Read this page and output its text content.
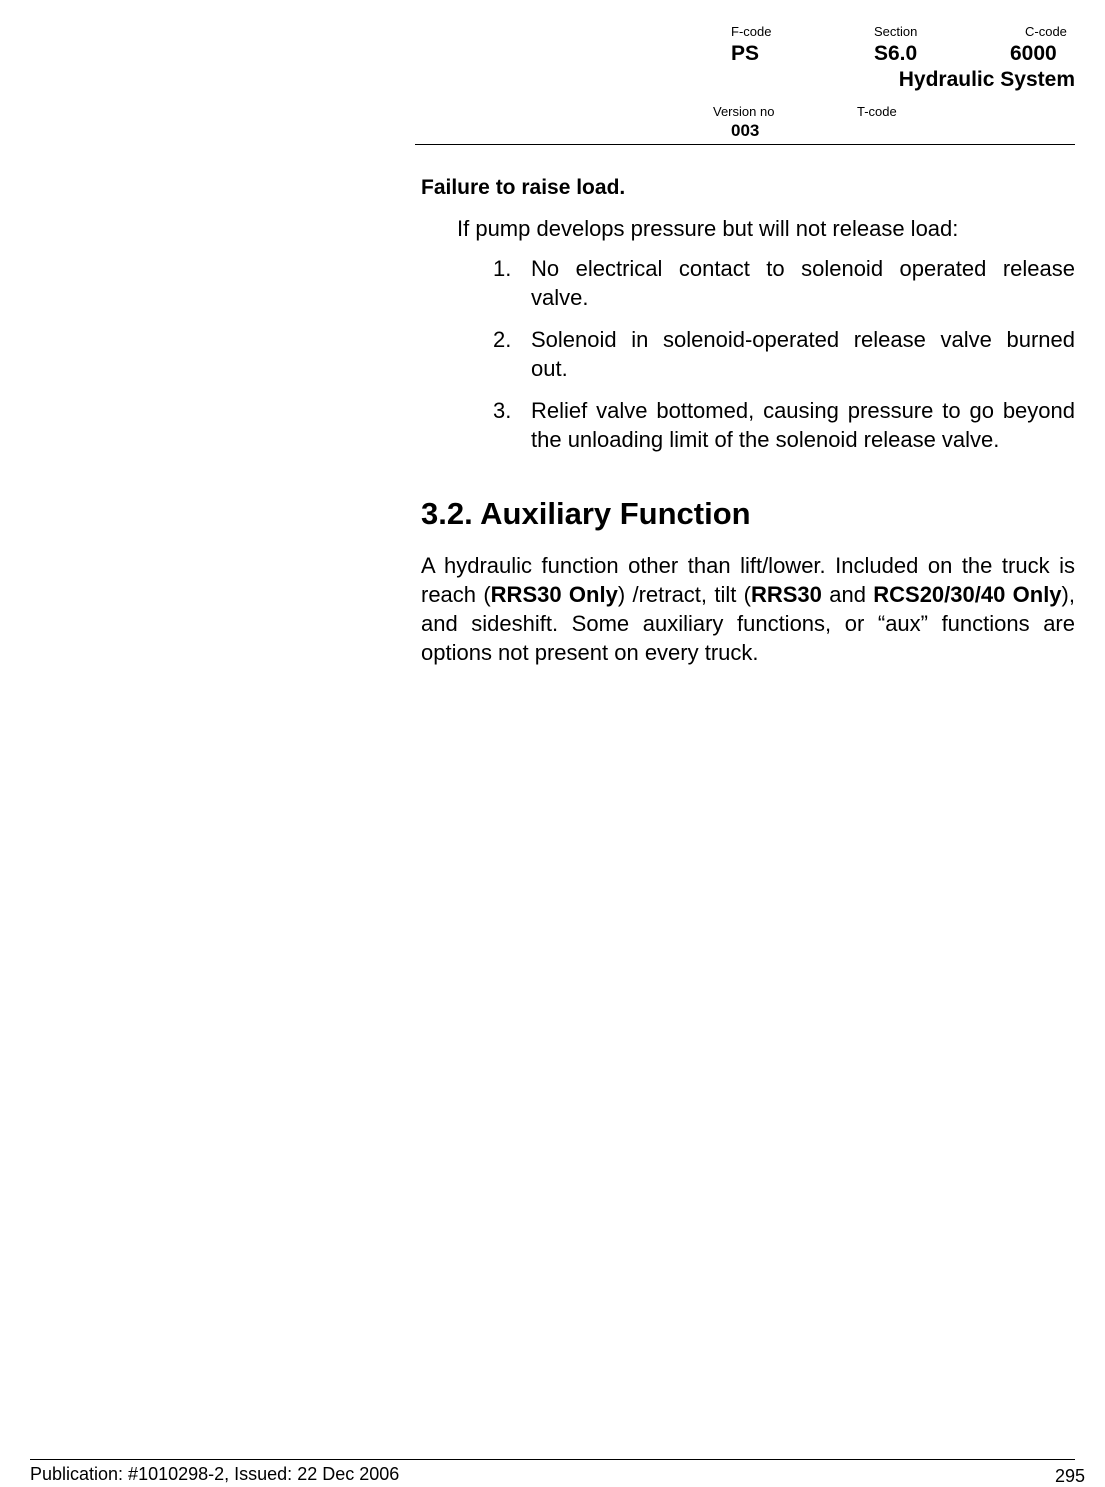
F-code
PS
Section
S6.0
C-code
6000
Hydraulic System
Version no
003
T-code

Failure to raise load.

If pump develops pressure but will not release load:

1. No electrical contact to solenoid operated release valve.
2. Solenoid in solenoid-operated release valve burned out.
3. Relief valve bottomed, causing pressure to go beyond the unloading limit of the solenoid release valve.
3.2. Auxiliary Function

A hydraulic function other than lift/lower. Included on the truck is reach (RRS30 Only) /retract, tilt (RRS30 and RCS20/30/40 Only), and sideshift. Some auxiliary functions, or “aux” functions are options not present on every truck.

Publication: #1010298-2, Issued: 22 Dec 2006	295
